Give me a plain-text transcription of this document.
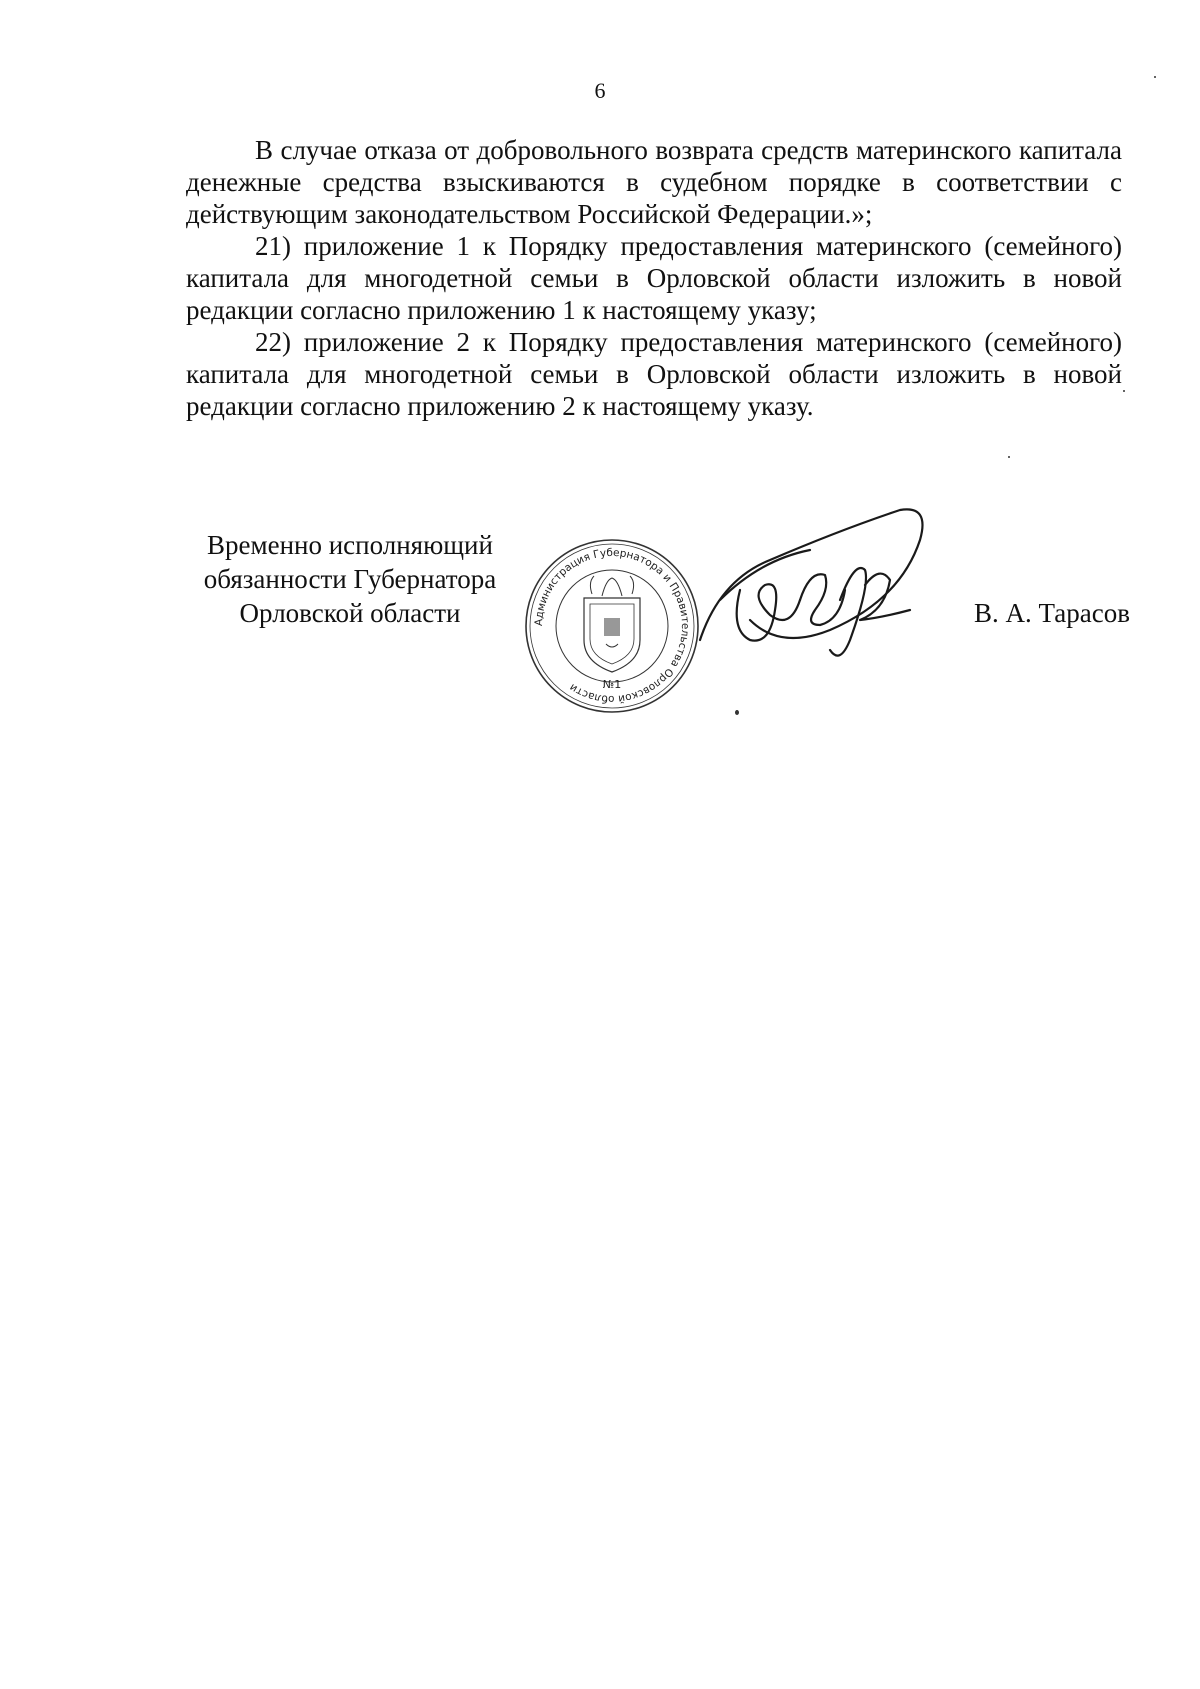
6

В случае отказа от добровольного возврата средств материнского капитала денежные средства взыскиваются в судебном порядке в соответствии с действующим законодательством Российской Федерации.»;

21) приложение 1 к Порядку предоставления материнского (семейного) капитала для многодетной семьи в Орловской области изложить в новой редакции согласно приложению 1 к настоящему указу;

22) приложение 2 к Порядку предоставления материнского (семейного) капитала для многодетной семьи в Орловской области изложить в новой редакции согласно приложению 2 к настоящему указу.

Временно исполняющий
обязанности Губернатора
Орловской области	Администрация Губернатора и Правительства Орловской области	№1
В. А. Тарасов
